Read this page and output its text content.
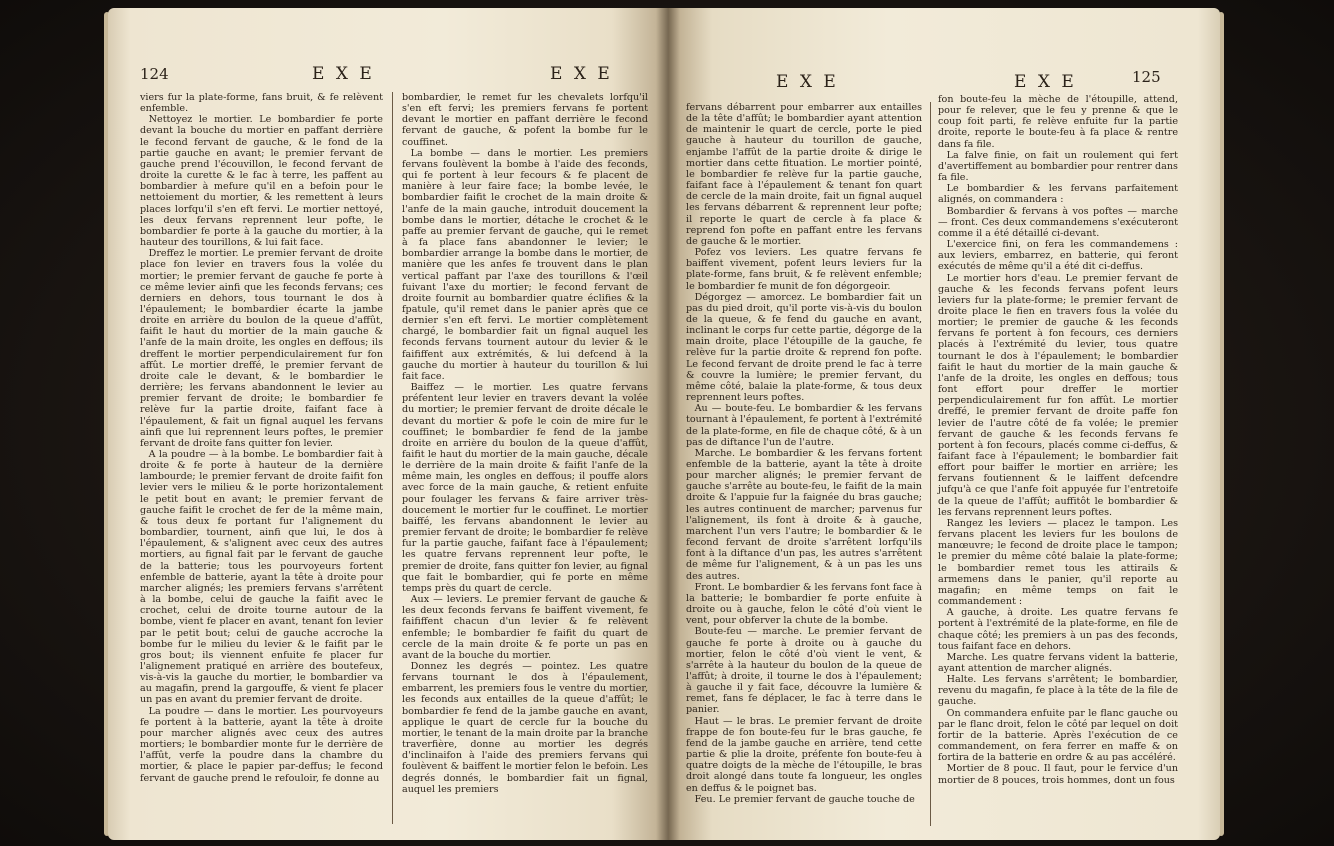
124	E X E	E X E

viers fur la plate-forme, fans bruit, & fe relèvent enfemble.

Nettoyez le mortier. Le bombardier fe porte devant la bouche du mortier en paffant derrière le fecond fervant de gauche, & le fond de la partie gauche en avant; le premier fervant de gauche prend l'écouvillon, le fecond fervant de droite la curette & le fac à terre, les paffent au bombardier à mefure qu'il en a befoin pour le nettoiement du mortier, & les remettent à leurs places lorfqu'il s'en eft fervi. Le mortier nettoyé, les deux fervans reprennent leur pofte, le bombardier fe porte à la gauche du mortier, à la hauteur des tourillons, & lui fait face.

Dreffez le mortier. Le premier fervant de droite place fon levier en travers fous la volée du mortier; le premier fervant de gauche fe porte à ce même levier ainfi que les feconds fervans; ces derniers en dehors, tous tournant le dos à l'épaulement; le bombardier écarte la jambe droite en arrière du boulon de la queue d'affût, faifit le haut du mortier de la main gauche & l'anfe de la main droite, les ongles en deffous; ils dreffent le mortier perpendiculairement fur fon affût. Le mortier dreffé, le premier fervant de droite cale le devant, & le bombardier le derrière; les fervans abandonnent le levier au premier fervant de droite; le bombardier fe relève fur la partie droite, faifant face à l'épaulement, & fait un fignal auquel les fervans ainfi que lui reprennent leurs poftes, le premier fervant de droite fans quitter fon levier.

A la poudre — à la bombe. Le bombardier fait à droite & fe porte à hauteur de la dernière lambourde; le premier fervant de droite faifit fon levier vers le milieu & le porte horizontalement le petit bout en avant; le premier fervant de gauche faifit le crochet de fer de la même main, & tous deux fe portant fur l'alignement du bombardier, tournent, ainfi que lui, le dos à l'épaulement, & s'alignent avec ceux des autres mortiers, au fignal fait par le fervant de gauche de la batterie; tous les pourvoyeurs fortent enfemble de batterie, ayant la tête à droite pour marcher alignés; les premiers fervans s'arrêtent à la bombe, celui de gauche la faifit avec le crochet, celui de droite tourne autour de la bombe, vient fe placer en avant, tenant fon levier par le petit bout; celui de gauche accroche la bombe fur le milieu du levier & le faifit par le gros bout; ils viennent enfuite fe placer fur l'alignement pratiqué en arrière des boutefeux, vis-à-vis la gauche du mortier, le bombardier va au magafin, prend la gargouffe, & vient fe placer un pas en avant du premier fervant de droite.

La poudre — dans le mortier. Les pourvoyeurs fe portent à la batterie, ayant la tête à droite pour marcher alignés avec ceux des autres mortiers; le bombardier monte fur le derrière de l'affût, verfe la poudre dans la chambre du mortier, & place le papier par-deffus; le fecond fervant de gauche prend le refouloir, fe donne au

bombardier, le remet fur les chevalets lorfqu'il s'en eft fervi; les premiers fervans fe portent devant le mortier en paffant derrière le fecond fervant de gauche, & pofent la bombe fur le couffinet.

La bombe — dans le mortier. Les premiers fervans foulèvent la bombe à l'aide des feconds, qui fe portent à leur fecours & fe placent de manière à leur faire face; la bombe levée, le bombardier faifit le crochet de la main droite & l'anfe de la main gauche, introduit doucement la bombe dans le mortier, détache le crochet & le paffe au premier fervant de gauche, qui le remet à fa place fans abandonner le levier; le bombardier arrange la bombe dans le mortier, de manière que les anfes fe trouvent dans le plan vertical paffant par l'axe des tourillons & l'œil fuivant l'axe du mortier; le fecond fervant de droite fournit au bombardier quatre éclifies & la fpatule, qu'il remet dans le panier après que ce dernier s'en eft fervi. Le mortier complètement chargé, le bombardier fait un fignal auquel les feconds fervans tournent autour du levier & le faififfent aux extrémités, & lui defcend à la gauche du mortier à hauteur du tourillon & lui fait face.

Baiffez — le mortier. Les quatre fervans préfentent leur levier en travers devant la volée du mortier; le premier fervant de droite décale le devant du mortier & pofe le coin de mire fur le couffinet; le bombardier fe fend de la jambe droite en arrière du boulon de la queue d'affût, faifit le haut du mortier de la main gauche, décale le derrière de la main droite & faifit l'anfe de la même main, les ongles en deffous; il pouffe alors avec force de la main gauche, & retient enfuite pour foulager les fervans & faire arriver très-doucement le mortier fur le couffinet. Le mortier baiffé, les fervans abandonnent le levier au premier fervant de droite; le bombardier fe relève fur la partie gauche, faifant face à l'épaulement; les quatre fervans reprennent leur pofte, le premier de droite, fans quitter fon levier, au fignal que fait le bombardier, qui fe porte en même temps près du quart de cercle.

Aux — leviers. Le premier fervant de gauche & les deux feconds fervans fe baiffent vivement, fe faififfent chacun d'un levier & fe relèvent enfemble; le bombardier fe faifit du quart de cercle de la main droite & fe porte un pas en avant de la bouche du mortier.

Donnez les degrés — pointez. Les quatre fervans tournant le dos à l'épaulement, embarrent, les premiers fous le ventre du mortier, les feconds aux entailles de la queue d'affût; le bombardier fe fend de la jambe gauche en avant, applique le quart de cercle fur la bouche du mortier, le tenant de la main droite par la branche traverfière, donne au mortier les degrés d'inclinaifon à l'aide des premiers fervans qui foulèvent & baiffent le mortier felon le befoin. Les degrés donnés, le bombardier fait un fignal, auquel les premiers

E X E	E X E	125

fervans débarrent pour embarrer aux entailles de la tête d'affût; le bombardier ayant attention de maintenir le quart de cercle, porte le pied gauche à hauteur du tourillon de gauche, enjambe l'affût de la partie droite & dirige le mortier dans cette fituation. Le mortier pointé, le bombardier fe relève fur la partie gauche, faifant face à l'épaulement & tenant fon quart de cercle de la main droite, fait un fignal auquel les fervans débarrent & reprennent leur pofte; il reporte le quart de cercle à fa place & reprend fon pofte en paffant entre les fervans de gauche & le mortier.

Pofez vos leviers. Les quatre fervans fe baiffent vivement, pofent leurs leviers fur la plate-forme, fans bruit, & fe relèvent enfemble; le bombardier fe munit de fon dégorgeoir.

Dégorgez — amorcez. Le bombardier fait un pas du pied droit, qu'il porte vis-à-vis du boulon de la queue, & fe fend du gauche en avant, inclinant le corps fur cette partie, dégorge de la main droite, place l'étoupille de la gauche, fe relève fur la partie droite & reprend fon pofte. Le fecond fervant de droite prend le fac à terre & couvre la lumière; le premier fervant, du même côté, balaie la plate-forme, & tous deux reprennent leurs poftes.

Au — boute-feu. Le bombardier & les fervans tournant à l'épaulement, fe portent à l'extrémité de la plate-forme, en file de chaque côté, & à un pas de diftance l'un de l'autre.

Marche. Le bombardier & les fervans fortent enfemble de la batterie, ayant la tête à droite pour marcher alignés; le premier fervant de gauche s'arrête au boute-feu, le faifit de la main droite & l'appuie fur la faignée du bras gauche; les autres continuent de marcher; parvenus fur l'alignement, ils font à droite & à gauche, marchent l'un vers l'autre; le bombardier & le fecond fervant de droite s'arrêtent lorfqu'ils font à la diftance d'un pas, les autres s'arrêtent de même fur l'alignement, & à un pas les uns des autres.

Front. Le bombardier & les fervans font face à la batterie; le bombardier fe porte enfuite à droite ou à gauche, felon le côté d'où vient le vent, pour obferver la chute de la bombe.

Boute-feu — marche. Le premier fervant de gauche fe porte à droite ou à gauche du mortier, felon le côté d'où vient le vent, & s'arrête à la hauteur du boulon de la queue de l'affût; à droite, il tourne le dos à l'épaulement; à gauche il y fait face, découvre la lumière & remet, fans fe déplacer, le fac à terre dans le panier.

Haut — le bras. Le premier fervant de droite frappe de fon boute-feu fur le bras gauche, fe fend de la jambe gauche en arrière, tend cette partie & plie la droite, préfente fon boute-feu à quatre doigts de la mèche de l'étoupille, le bras droit alongé dans toute fa longueur, les ongles en deffus & le poignet bas.

Feu. Le premier fervant de gauche touche de

fon boute-feu la mèche de l'étoupille, attend, pour fe relever, que le feu y prenne & que le coup foit parti, fe relève enfuite fur la partie droite, reporte le boute-feu à fa place & rentre dans fa file.

La falve finie, on fait un roulement qui fert d'avertiffement au bombardier pour rentrer dans fa file.

Le bombardier & les fervans parfaitement alignés, on commandera :

Bombardier & fervans à vos poftes — marche — front. Ces deux commandemens s'exécuteront comme il a été détaillé ci-devant.

L'exercice fini, on fera les commandemens : aux leviers, embarrez, en batterie, qui feront exécutés de même qu'il a été dit ci-deffus.

Le mortier hors d'eau. Le premier fervant de gauche & les feconds fervans pofent leurs leviers fur la plate-forme; le premier fervant de droite place le fien en travers fous la volée du mortier; le premier de gauche & les feconds fervans fe portent à fon fecours, ces derniers placés à l'extrémité du levier, tous quatre tournant le dos à l'épaulement; le bombardier faifit le haut du mortier de la main gauche & l'anfe de la droite, les ongles en deffous; tous font effort pour dreffer le mortier perpendiculairement fur fon affût. Le mortier dreffé, le premier fervant de droite paffe fon levier de l'autre côté de fa volée; le premier fervant de gauche & les feconds fervans fe portent à fon fecours, placés comme ci-deffus, & faifant face à l'épaulement; le bombardier fait effort pour baiffer le mortier en arrière; les fervans foutiennent & le laiffent defcendre jufqu'à ce que l'anfe foit appuyée fur l'entretoife de la queue de l'affût; auffitôt le bombardier & les fervans reprennent leurs poftes.

Rangez les leviers — placez le tampon. Les fervans placent les leviers fur les boulons de manœuvre; le fecond de droite place le tampon; le premier du même côté balaie la plate-forme; le bombardier remet tous les attirails & armemens dans le panier, qu'il reporte au magafin; en même temps on fait le commandement :

A gauche, à droite. Les quatre fervans fe portent à l'extrémité de la plate-forme, en file de chaque côté; les premiers à un pas des feconds, tous faifant face en dehors.

Marche. Les quatre fervans vident la batterie, ayant attention de marcher alignés.

Halte. Les fervans s'arrêtent; le bombardier, revenu du magafin, fe place à la tête de la file de gauche.

On commandera enfuite par le flanc gauche ou par le flanc droit, felon le côté par lequel on doit fortir de la batterie. Après l'exécution de ce commandement, on fera ferrer en maffe & on fortira de la batterie en ordre & au pas accéléré.

Mortier de 8 pouc. Il faut, pour le fervice d'un mortier de 8 pouces, trois hommes, dont un fous
